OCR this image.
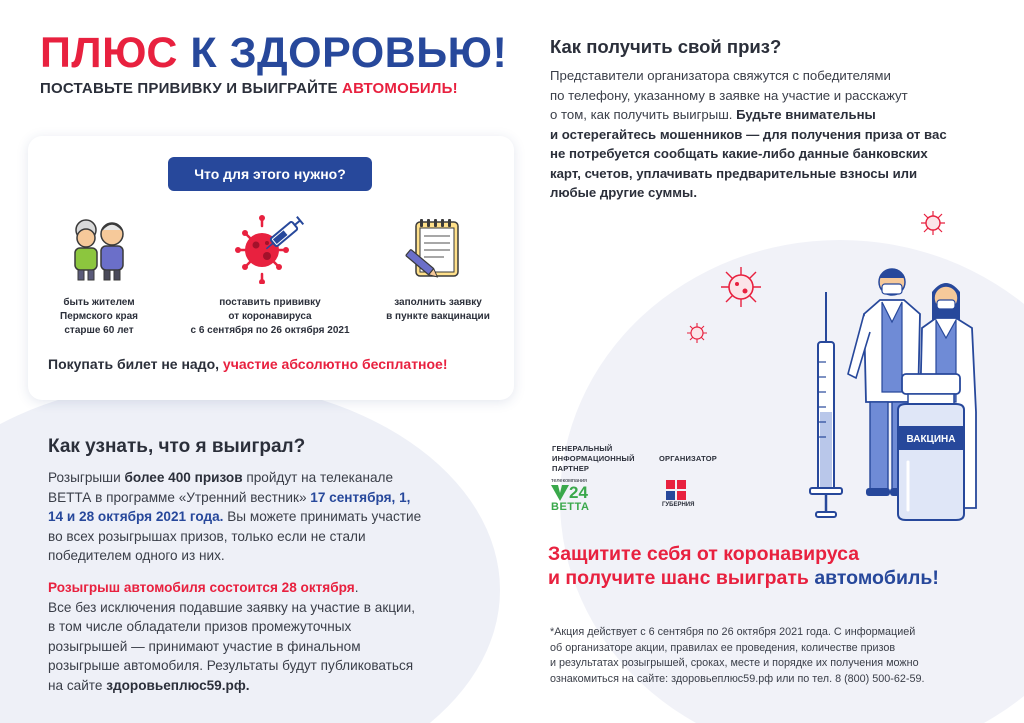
ПЛЮС К ЗДОРОВЬЮ!
ПОСТАВЬТЕ ПРИВИВКУ И ВЫИГРАЙТЕ АВТОМОБИЛЬ!
Что для этого нужно?
быть жителем
Пермского края
старше 60 лет
поставить прививку
от коронавируса
с 6 сентября по 26 октября 2021
заполнить заявку
в пункте вакцинации
Покупать билет не надо, участие абсолютно бесплатное!
Как узнать, что я выиграл?
Розыгрыши более 400 призов пройдут на телеканале
ВЕТТА в программе «Утренний вестник» 17 сентября, 1,
14 и 28 октября 2021 года. Вы можете принимать участие
во всех розыгрышах призов, только если не стали
победителем одного из них.
Розыгрыш автомобиля состоится 28 октября.
Все без исключения подавшие заявку на участие в акции,
в том числе обладатели призов промежуточных
розыгрышей — принимают участие в финальном
розыгрыше автомобиля. Результаты будут публиковаться
на сайте здоровьеплюс59.рф.
Как получить свой приз?
Представители организатора свяжутся с победителями
по телефону, указанному в заявке на участие и расскажут
о том, как получить выигрыш. Будьте внимательны
и остерегайтесь мошенников — для получения приза от вас
не потребуется сообщать какие-либо данные банковских
карт, счетов, уплачивать предварительные взносы или
любые другие суммы.
ВАКЦИНА
ГЕНЕРАЛЬНЫЙ
ИНФОРМАЦИОННЫЙ
ПАРТНЕР
ОРГАНИЗАТОР
телекомпания
24
ВЕТТА	ГУБЕРНИЯ
Защитите себя от коронавируса
и получите шанс выиграть автомобиль!
*Акция действует с 6 сентября по 26 октября 2021 года. С информацией
об организаторе акции, правилах ее проведения, количестве призов
и результатах розыгрышей, сроках, месте и порядке их получения можно
ознакомиться на сайте: здоровьеплюс59.рф или по тел. 8 (800) 500-62-59.
